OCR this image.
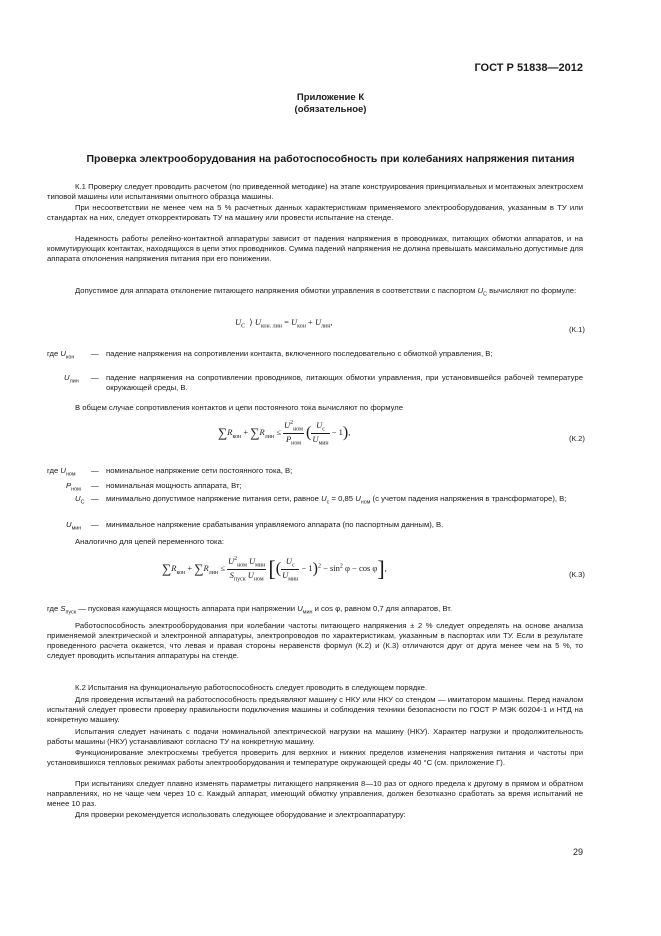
ГОСТ Р 51838—2012
Приложение К
(обязательное)
Проверка электрооборудования на работоспособность при колебаниях напряжения питания
К.1 Проверку следует проводить расчетом (по приведенной методике) на этапе конструирования принципиальных и монтажных электросхем типовой машины или испытаниями опытного образца машины.
При несоответствии не менее чем на 5 % расчетных данных характеристикам применяемого электрооборудования, указанным в ТУ или стандартах на них, следует откорректировать ТУ на машину или провести испытание на стенде.
Надежность работы релейно-контактной аппаратуры зависит от падения напряжения в проводниках, питающих обмотки аппаратов, и на коммутирующих контактах, находящихся в цепи этих проводников. Сумма падений напряжения не должна превышать максимально допустимые для аппарата отклонения напряжения питания при его понижении.
Допустимое для аппарата отклонение питающего напряжения обмотки управления в соответствии с паспортом $U_С$ вычисляют по формуле:
$U_С$  ⟩ $U_{кон. лин} = U_{кон} + U_{лин}$,
(К.1)
где $U_{кон}$ — падение напряжения на сопротивлении контакта, включенного последовательно с обмоткой управления, В;
$U_{лин}$ — падение напряжения на сопротивлении проводников, питающих обмотки управления, при установившейся рабочей температуре окружающей среды, В.
В общем случае сопротивления контактов и цепи постоянного тока вычисляют по формуле
$\sum R_{кон} + \sum R_{лин} \le \frac{U^2_{ном}}{P_{ном}}$ ( $\frac{U_с}{U_{мин}} - 1$),
(К.2)
где $U_{ном}$ — номинальное напряжение сети постоянного тока, В;
$P_{ном}$ — номинальная мощность аппарата, Вт;
$U_С$ — минимально допустимое напряжение питания сети, равное $U_с = 0,85$ $U_{ном}$ (с учетом падения напряжения в трансформаторе), В;
$U_{мин}$ — минимальное напряжение срабатывания управляемого аппарата (по паспортным данным), В.
Аналогично для цепей переменного тока:
$\sum R_{кон} + \sum R_{лин} \le \frac{U^2_{ном} U_{мин}}{S_{пуск} U_{ном}}$ [( $\frac{U_с}{U_{мин}} - 1)^2 - \sin^2 \varphi - \cos \varphi$],
(К.3)
где $S_{пуск}$ — пусковая кажущаяся мощность аппарата при напряжении $U_{мин}$ и cos φ, равном 0,7 для аппаратов, Вт.
Работоспособность электрооборудования при колебании частоты питающего напряжения ± 2 % следует определять на основе анализа применяемой электрической и электронной аппаратуры, электропроводов по характеристикам, указанным в паспортах или ТУ. Если в результате проведенного расчета окажется, что левая и правая стороны неравенств формул (К.2) и (К.3) отличаются друг от друга менее чем на 5 %, то следует проводить испытания аппаратуры на стенде.
К.2 Испытания на функциональную работоспособность следует проводить в следующем порядке.
Для проведения испытаний на работоспособность предъявляют машину с НКУ или НКУ со стендом — имитатором машины. Перед началом испытаний следует провести проверку правильности подключения машины и соблюдения техники безопасности по ГОСТ Р МЭК 60204-1 и НТД на конкретную машину.
Испытания следует начинать с подачи номинальной электрической нагрузки на машину (НКУ). Характер нагрузки и продолжительность работы машины (НКУ) устанавливают согласно ТУ на конкретную машину.
Функционирование электросхемы требуется проверить для верхних и нижних пределов изменения напряжения питания и частоты при установившихся тепловых режимах работы электрооборудования и температуре окружающей среды 40 °С (см. приложение Г).
При испытаниях следует плавно изменять параметры питающего напряжения 8—10 раз от одного предела к другому в прямом и обратном направлениях, но не чаще чем через 10 с. Каждый аппарат, имеющий обмотку управления, должен безотказно сработать за время испытаний не менее 10 раз.
Для проверки рекомендуется использовать следующее оборудование и электроаппаратуру:
29
